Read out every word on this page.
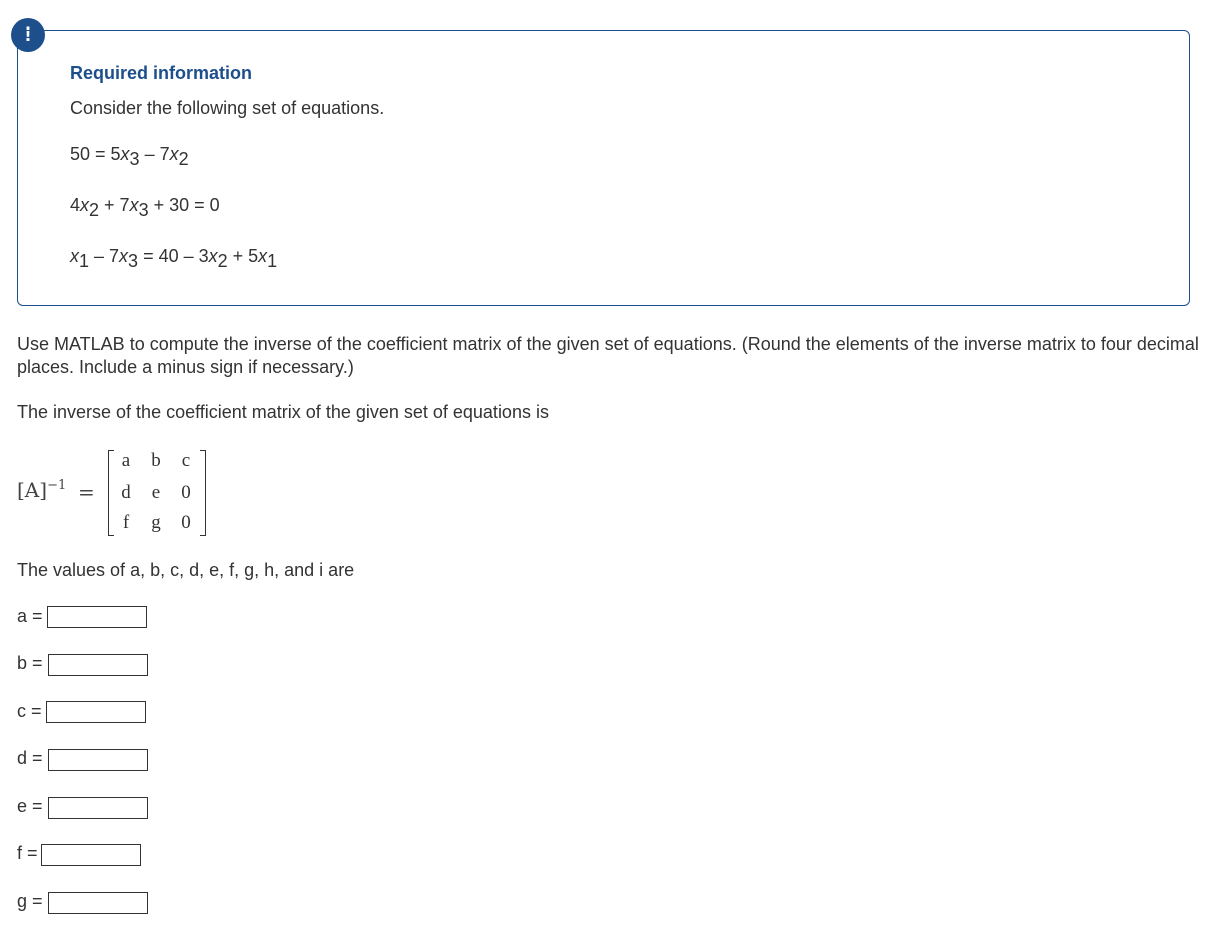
!
Required information
Consider the following set of equations.
$50 = 5x_3 - 7x_2$
$4x_2 + 7x_3 + 30 = 0$
$x_1 - 7x_3 = 40 - 3x_2 + 5x_1$
Use MATLAB to compute the inverse of the coefficient matrix of the given set of equations. (Round the elements of the inverse matrix to four decimal places. Include a minus sign if necessary.)
The inverse of the coefficient matrix of the given set of equations is
$[A]^{-1}$ =
a	b	c
d	e	0
f	g 0
The values of a, b, c, d, e, f, g, h, and i are
a =
b =
c =
d =
e =
f =
g =
